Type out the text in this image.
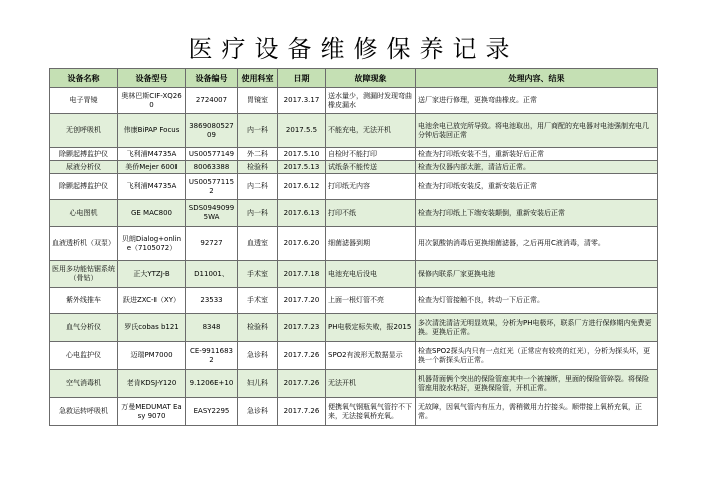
医疗设备维修保养记录
设备名称	设备型号	设备编号	使用科室	日期	故障现象	处理内容、结果
电子胃镜	奥林巴斯CIF-XQ260	2724007	胃镜室	2017.3.17	送水量少，测漏时发现弯曲橡皮漏水	送厂家进行修理，更换弯曲橡皮。正常
无创呼吸机	伟康BiPAP Focus	386908052709	内一科	2017.5.5	不能充电，无法开机	电池余电已放完所导致。将电池取出，用厂商配的充电器对电池强制充电几分钟后装回正常
除颤起搏监护仪	飞利浦M4735A	US00577149	外二科	2017.5.10	自检时不能打印	检查为打印纸安装不当，重新装好后正常
尿液分析仪	美侨Mejer 600Ⅱ	80063388	检验科	2017.5.13	试纸条不能传送	检查为仪器内部太脏，清洁后正常。
除颤起搏监护仪	飞利浦M4735A	US005771152	内二科	2017.6.12	打印纸无内容	检查为打印纸安装反，重新安装后正常
心电图机	GE MAC800	SDS09490995WA	内一科	2017.6.13	打印不纸	检查为打印纸上下端安装颠倒，重新安装后正常
血液透析机（双泵）	贝朗Dialog+online（7105072）	92727	血透室	2017.6.20	细菌滤器到期	用次氯酸钠消毒后更换细菌滤器，之后再用C液消毒，清零。
医用多功能钻锯系统（骨钻）	正大YTZJ-B	D11001、	手术室	2017.7.18	电池充电后没电	保修内联系厂家更换电池
紫外线推车	跃进ZXC-Ⅱ（XY）	23533	手术室	2017.7.20	上面一根灯管不亮	检查为灯管接触不良，转动一下后正常。
血气分析仪	罗氏cobas b121	8348	检验科	2017.7.23	PH电极定标失败，报2015	多次清洗清洁无明显效果，分析为PH电极坏，联系厂方进行保修期内免费更换。更换后正常。
心电监护仪	迈瑞PM7000	CE-99116832	急诊科	2017.7.26	SPO2有波形无数据显示	检查SPO2探头内只有一点红光（正常应有较亮的红光），分析为探头坏，更换一个新探头后正常。
空气消毒机	老肯KDSJ-Y120	9.1206E+10	妇儿科	2017.7.26	无法开机	机器背面俩个突出的保险管座其中一个被撞断，里面的保险管碎裂。将保险管座用胶水粘好，更换保险管，开机正常。
急救运转呼吸机	万曼MEDUMAT Easy 9070	EASY2295	急诊科	2017.7.26	便携氧气钢瓶氧气管拧不下来，无法接氧桥充氧。	无故障，因氧气管内有压力，需稍微用力拧接头。顺带接上氧桥充氧，正常。
